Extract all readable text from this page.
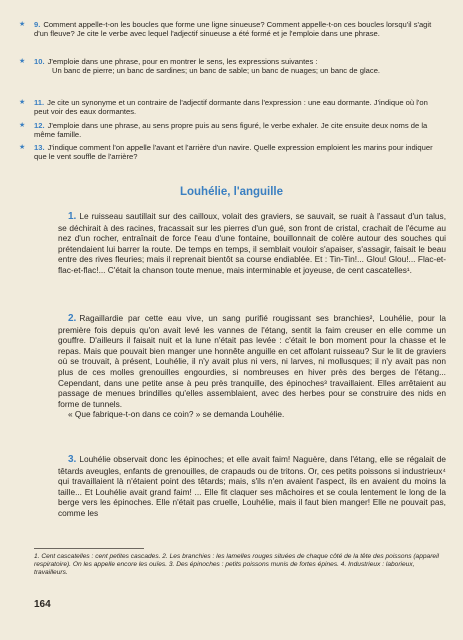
★ 9. Comment appelle-t-on les boucles que forme une ligne sinueuse? Comment appelle-t-on ces boucles lorsqu'il s'agit d'un fleuve? Je cite le verbe avec lequel l'adjectif sinueuse a été formé et je l'emploie dans une phrase.
★ 10. J'emploie dans une phrase, pour en montrer le sens, les expressions suivantes :
Un banc de pierre; un banc de sardines; un banc de sable; un banc de nuages; un banc de glace.
★ 11. Je cite un synonyme et un contraire de l'adjectif dormante dans l'expression : une eau dormante. J'indique où l'on peut voir des eaux dormantes.
★ 12. J'emploie dans une phrase, au sens propre puis au sens figuré, le verbe exhaler. Je cite ensuite deux noms de la même famille.
★ 13. J'indique comment l'on appelle l'avant et l'arrière d'un navire. Quelle expression emploient les marins pour indiquer que le vent souffle de l'arrière?
Louhélie, l'anguille
1. Le ruisseau sautillait sur des cailloux, volait des graviers, se sauvait, se ruait à l'assaut d'un talus, se déchirait à des racines, fracassait sur les pierres d'un gué, son front de cristal, crachait de l'écume au nez d'un rocher, entraînait de force l'eau d'une fontaine, bouillonnait de colère autour des souches qui prétendaient lui barrer la route. De temps en temps, il semblait vouloir s'apaiser, s'assagir, faisait le beau entre des rives fleuries; mais il reprenait bientôt sa course endiablée. Et : Tin-Tin!... Glou! Glou!... Flac-et-flac-et-flac!... C'était la chanson toute menue, mais interminable et joyeuse, de cent cascatelles¹.
2. Ragaillardie par cette eau vive, un sang purifié rougissant ses branchies², Louhélie, pour la première fois depuis qu'on avait levé les vannes de l'étang, sentit la faim creuser en elle comme un gouffre. D'ailleurs il faisait nuit et la lune n'était pas levée : c'était le bon moment pour la chasse et le repas. Mais que pouvait bien manger une honnête anguille en cet affolant ruisseau? Sur le lit de graviers où se trouvait, à présent, Louhélie, il n'y avait plus ni vers, ni larves, ni mollusques; il n'y avait pas non plus de ces molles grenouilles engourdies, si nombreuses en hiver près des berges de l'étang... Cependant, dans une petite anse à peu près tranquille, des épinoches³ travaillaient. Elles arrêtaient au passage de menues brindilles qu'elles assemblaient, avec des herbes pour se construire des nids en forme de tunnels.
« Que fabrique-t-on dans ce coin? » se demanda Louhélie.
3. Louhélie observait donc les épinoches; et elle avait faim! Naguère, dans l'étang, elle se régalait de têtards aveugles, enfants de grenouilles, de crapauds ou de tritons. Or, ces petits poissons si industrieux⁴ qui travaillaient là n'étaient point des têtards; mais, s'ils n'en avaient l'aspect, ils en avaient du moins la taille... Et Louhélie avait grand faim! ... Elle fit claquer ses mâchoires et se coula lentement le long de la berge vers les épinoches. Elle n'était pas cruelle, Louhélie, mais il faut bien manger! Elle ne pouvait pas, comme les
1. Cent cascatelles : cent petites cascades. 2. Les branchies : les lamelles rouges situées de chaque côté de la tête des poissons (appareil respiratoire). On les appelle encore les ouïes. 3. Des épinoches : petits poissons munis de fortes épines. 4. Industrieux : laborieux, travailleurs.
164
